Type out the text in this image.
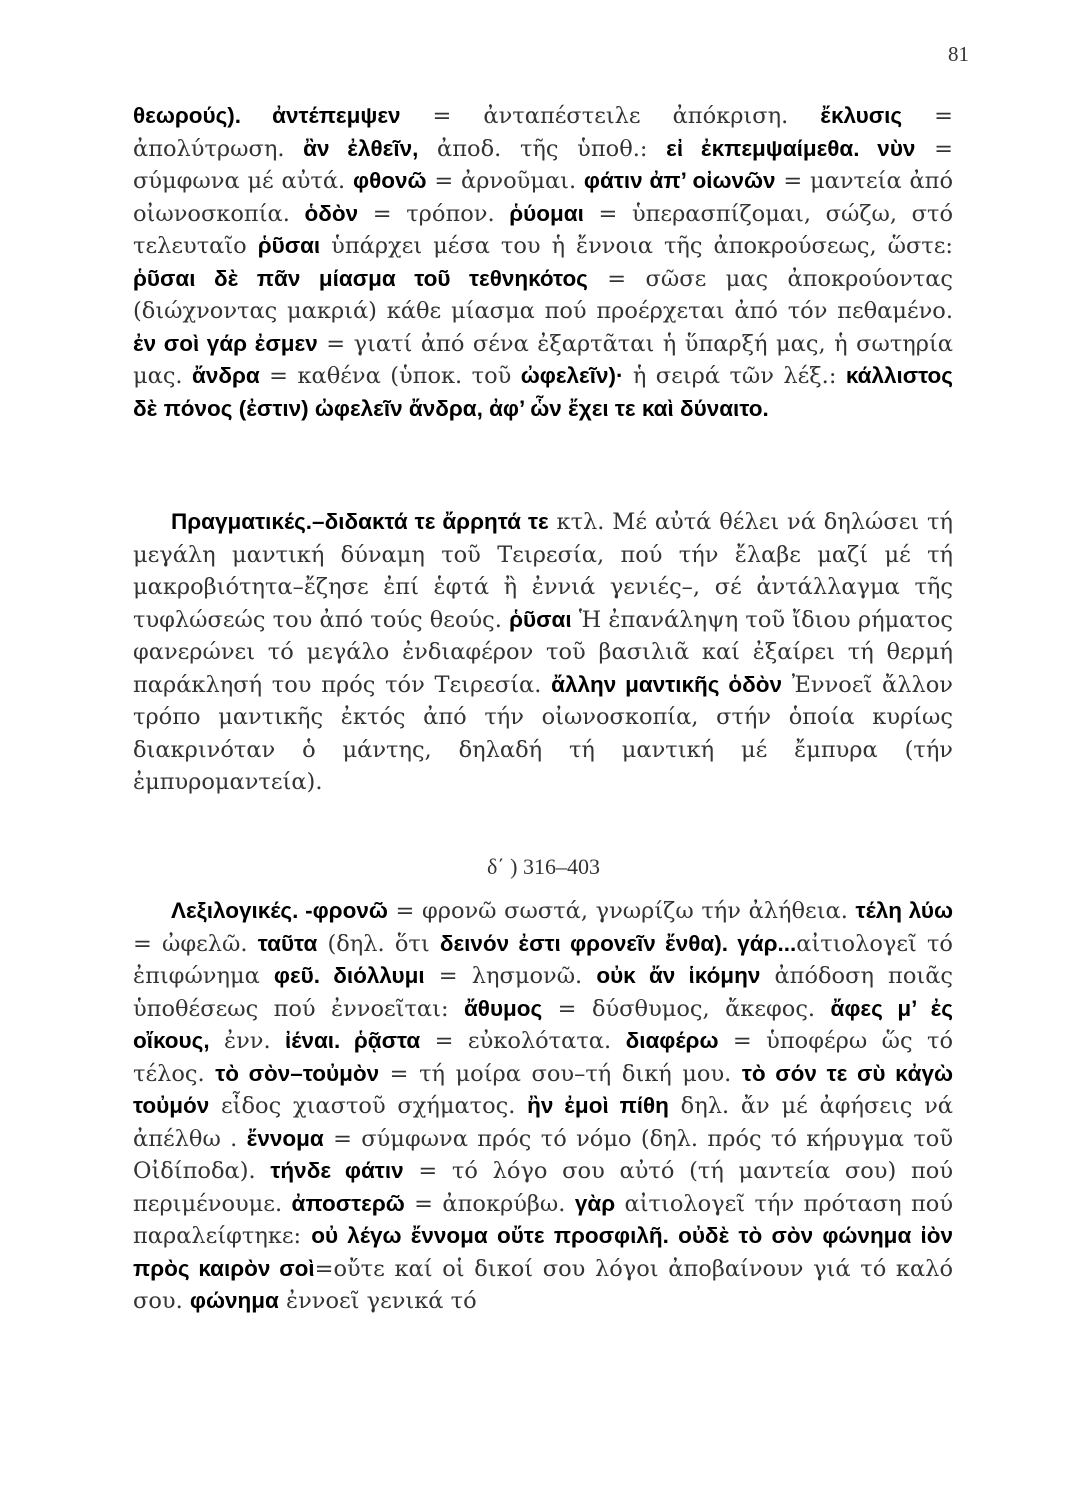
81
θεωρούς). ἀντέπεμψεν = ἀνταπέστειλε ἀπόκριση. ἔκλυσις = ἀπολύτρωση. ἂν ἐλθεῖν, ἀποδ. τῆς ὑποθ.: εἰ ἐκπεμψαίμεθα. νὺν = σύμφωνα μέ αὐτά. φθονῶ = ἀρνοῦμαι. φάτιν ἀπ’ οἰωνῶν = μαντεία ἀπό οἰωνοσκοπία. ὁδὸν = τρόπον. ῥύομαι = ὑπερασπίζομαι, σώζω, στό τελευταῖο ῥῦσαι ὑπάρχει μέσα του ἡ ἔννοια τῆς ἀποκρούσεως, ὥστε: ῥῦσαι δὲ πᾶν μίασμα τοῦ τεθνηκότος = σῶσε μας ἀποκρούοντας (διώχνοντας μακριά) κάθε μίασμα πού προέρχεται ἀπό τόν πεθαμένο. ἐν σοὶ γάρ ἐσμεν = γιατί ἀπό σένα ἐξαρτᾶται ἡ ὕπαρξή μας, ἡ σωτηρία μας. ἄνδρα = καθένα (ὑποκ. τοῦ ὠφελεῖν)· ἡ σειρά τῶν λέξ.: κάλλιστος δὲ πόνος (ἐστιν) ὠφελεῖν ἄνδρα, ἀφ’ ὧν ἔχει τε καὶ δύναιτο.
Πραγματικές.–διδακτά τε ἄρρητά τε κτλ. Μέ αὐτά θέλει νά δηλώσει τή μεγάλη μαντική δύναμη τοῦ Τειρεσία, πού τήν ἔλαβε μαζί μέ τή μακροβιότητα–ἔζησε ἐπί ἑφτά ἢ ἐννιά γενιές–, σέ ἀντάλλαγμα τῆς τυφλώσεώς του ἀπό τούς θεούς. ῥῦσαι Ἡ ἐπανάληψη τοῦ ἴδιου ρήματος φανερώνει τό μεγάλο ἐνδιαφέρον τοῦ βασιλιᾶ καί ἐξαίρει τή θερμή παράκλησή του πρός τόν Τειρεσία. ἄλλην μαντικῆς ὁδὸν Ἐννοεῖ ἄλλον τρόπο μαντικῆς ἐκτός ἀπό τήν οἰωνοσκοπία, στήν ὁποία κυρίως διακρινόταν ὁ μάντης, δηλαδή τή μαντική μέ ἔμπυρα (τήν ἐμπυρομαντεία).
δ΄ ) 316–403
Λεξιλογικές. -φρονῶ = φρονῶ σωστά, γνωρίζω τήν ἀλήθεια. τέλη λύω = ὠφελῶ. ταῦτα (δηλ. ὅτι δεινόν ἐστι φρονεῖν ἔνθα). γάρ...αἰτιολογεῖ τό ἐπιφώνημα φεῦ. διόλλυμι = λησμονῶ. οὐκ ἄν ἱκόμην ἀπόδοση ποιᾶς ὑποθέσεως πού ἐννοεῖται: ἄθυμος = δύσθυμος, ἄκεφος. ἄφες μ’ ἐς οἴκους, ἐνν. ἰέναι. ῥᾷστα = εὐκολότατα. διαφέρω = ὑποφέρω ὥς τό τέλος. τὸ σὸν–τοὐμὸν = τή μοίρα σου–τή δική μου. τὸ σόν τε σὺ κἀγὼ τοὐμόν εἶδος χιαστοῦ σχήματος. ἢν ἐμοὶ πίθη δηλ. ἄν μέ ἀφήσεις νά ἀπέλθω . ἔννομα = σύμφωνα πρός τό νόμο (δηλ. πρός τό κήρυγμα τοῦ Οἰδίποδα). τήνδε φάτιν = τό λόγο σου αὐτό (τή μαντεία σου) πού περιμένουμε. ἀποστερῶ = ἀποκρύβω. γὰρ αἰτιολογεῖ τήν πρόταση πού παραλείφτηκε: οὐ λέγω ἔννομα οὔτε προσφιλῆ. οὐδὲ τὸ σὸν φώνημα ἰὸν πρὸς καιρὸν σοὶ=οὔτε καί οἱ δικοί σου λόγοι ἀποβαίνουν γιά τό καλό σου. φώνημα ἐννοεῖ γενικά τό
